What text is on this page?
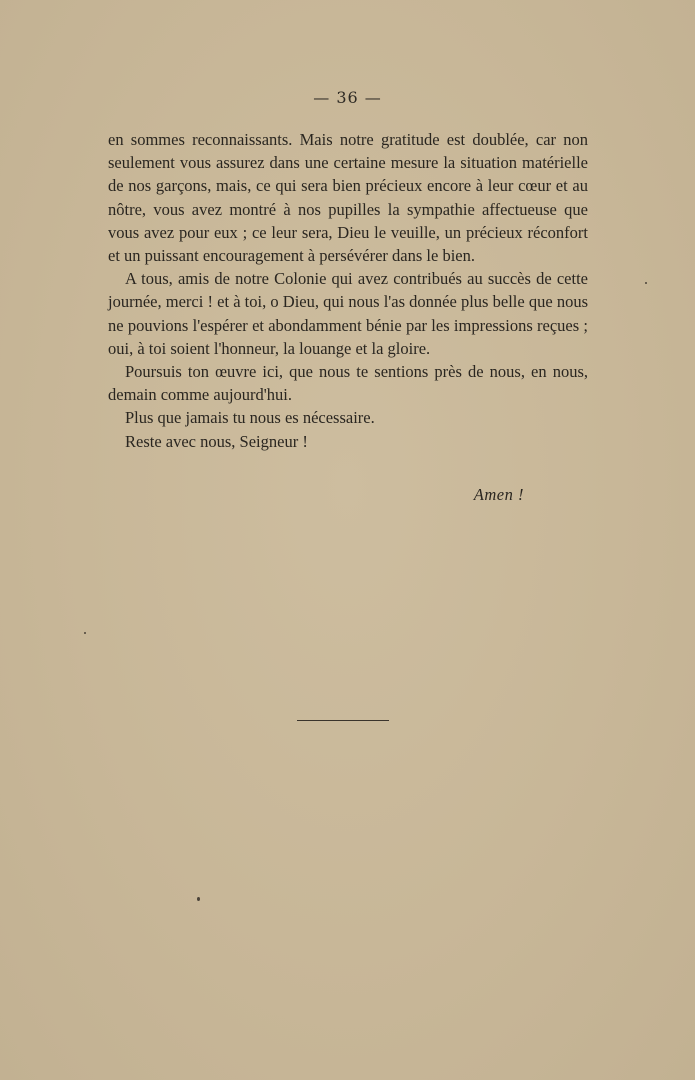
— 36 —

en sommes reconnaissants. Mais notre gratitude est doublée, car non seulement vous assurez dans une certaine mesure la situation matérielle de nos garçons, mais, ce qui sera bien précieux encore à leur cœur et au nôtre, vous avez montré à nos pupilles la sympathie affectueuse que vous avez pour eux ; ce leur sera, Dieu le veuille, un précieux réconfort et un puissant encouragement à persévérer dans le bien.

A tous, amis de notre Colonie qui avez contribués au succès de cette journée, merci ! et à toi, o Dieu, qui nous l'as donnée plus belle que nous ne pouvions l'espérer et abondamment bénie par les impressions reçues ; oui, à toi soient l'honneur, la louange et la gloire.

Poursuis ton œuvre ici, que nous te sentions près de nous, en nous, demain comme aujourd'hui.

Plus que jamais tu nous es nécessaire.

Reste avec nous, Seigneur !

Amen !
